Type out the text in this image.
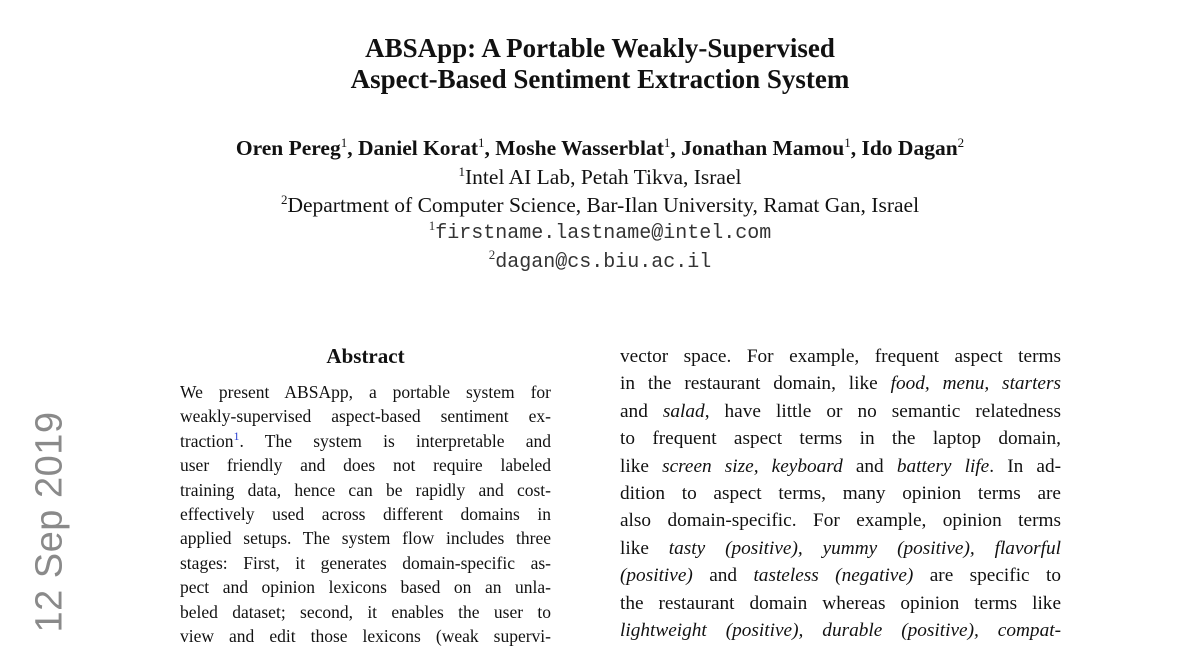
ABSApp: A Portable Weakly-Supervised
Aspect-Based Sentiment Extraction System
Oren Pereg$^1$, Daniel Korat$^1$, Moshe Wasserblat$^1$, Jonathan Mamou$^1$, Ido Dagan$^2$
$^1$Intel AI Lab, Petah Tikva, Israel
$^2$Department of Computer Science, Bar-Ilan University, Ramat Gan, Israel
$^1$firstname.lastname@intel.com
$^2$dagan@cs.biu.ac.il
Abstract
We present ABSApp, a portable system for
weakly-supervised aspect-based sentiment ex-
traction$^1$. The system is interpretable and
user friendly and does not require labeled
training data, hence can be rapidly and cost-
effectively used across different domains in
applied setups. The system flow includes three
stages: First, it generates domain-specific as-
pect and opinion lexicons based on an unla-
beled dataset; second, it enables the user to
view and edit those lexicons (weak supervi-
vector space. For example, frequent aspect terms
in the restaurant domain, like food, menu, starters
and salad, have little or no semantic relatedness
to frequent aspect terms in the laptop domain,
like screen size, keyboard and battery life. In ad-
dition to aspect terms, many opinion terms are
also domain-specific. For example, opinion terms
like tasty (positive), yummy (positive), flavorful
(positive) and tasteless (negative) are specific to
the restaurant domain whereas opinion terms like
lightweight (positive), durable (positive), compat-
12 Sep 2019
